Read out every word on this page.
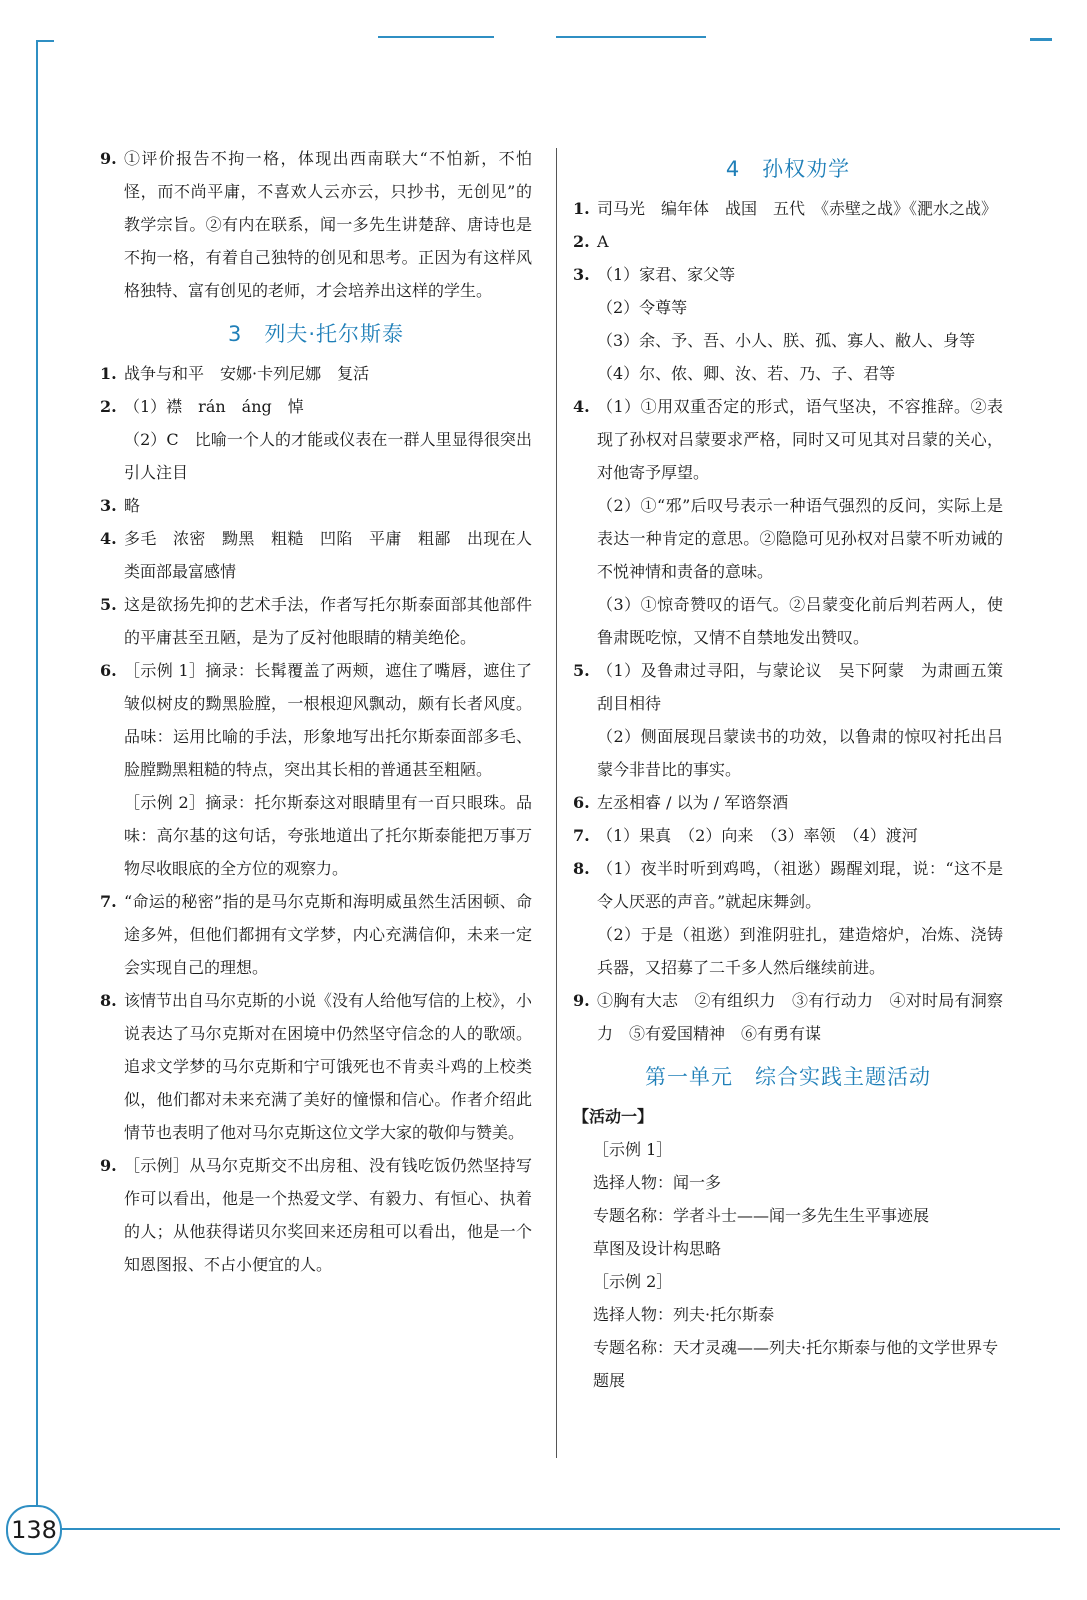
138
9. ①评价报告不拘一格，体现出西南联大“不怕新，不怕怪，而不尚平庸，不喜欢人云亦云，只抄书，无创见”的教学宗旨。②有内在联系，闻一多先生讲楚辞、唐诗也是不拘一格，有着自己独特的创见和思考。正因为有这样风格独特、富有创见的老师，才会培养出这样的学生。
3　列夫·托尔斯泰
1. 战争与和平　安娜·卡列尼娜　复活
2. （1）襟　rán　áng　悼
（2）C　比喻一个人的才能或仪表在一群人里显得很突出　引人注目
3. 略
4. 多毛　浓密　黝黑　粗糙　凹陷　平庸　粗鄙　出现在人类面部最富感情
5. 这是欲扬先抑的艺术手法，作者写托尔斯泰面部其他部件的平庸甚至丑陋，是为了反衬他眼睛的精美绝伦。
6. ［示例 1］摘录：长髯覆盖了两颊，遮住了嘴唇，遮住了皱似树皮的黝黑脸膛，一根根迎风飘动，颇有长者风度。品味：运用比喻的手法，形象地写出托尔斯泰面部多毛、脸膛黝黑粗糙的特点，突出其长相的普通甚至粗陋。
［示例 2］摘录：托尔斯泰这对眼睛里有一百只眼珠。品味：高尔基的这句话，夸张地道出了托尔斯泰能把万事万物尽收眼底的全方位的观察力。
7. “命运的秘密”指的是马尔克斯和海明威虽然生活困顿、命途多舛，但他们都拥有文学梦，内心充满信仰，未来一定会实现自己的理想。
8. 该情节出自马尔克斯的小说《没有人给他写信的上校》，小说表达了马尔克斯对在困境中仍然坚守信念的人的歌颂。追求文学梦的马尔克斯和宁可饿死也不肯卖斗鸡的上校类似，他们都对未来充满了美好的憧憬和信心。作者介绍此情节也表明了他对马尔克斯这位文学大家的敬仰与赞美。
9. ［示例］从马尔克斯交不出房租、没有钱吃饭仍然坚持写作可以看出，他是一个热爱文学、有毅力、有恒心、执着的人；从他获得诺贝尔奖回来还房租可以看出，他是一个知恩图报、不占小便宜的人。
4　孙权劝学
1. 司马光　编年体　战国　五代　《赤壁之战》《淝水之战》
2. A
3. （1）家君、家父等
（2）令尊等
（3）余、予、吾、小人、朕、孤、寡人、敝人、身等
（4）尔、侬、卿、汝、若、乃、子、君等
4. （1）①用双重否定的形式，语气坚决，不容推辞。②表现了孙权对吕蒙要求严格，同时又可见其对吕蒙的关心，对他寄予厚望。
（2）①“邪”后叹号表示一种语气强烈的反问，实际上是表达一种肯定的意思。②隐隐可见孙权对吕蒙不听劝诫的不悦神情和责备的意味。
（3）①惊奇赞叹的语气。②吕蒙变化前后判若两人，使鲁肃既吃惊，又情不自禁地发出赞叹。
5. （1）及鲁肃过寻阳，与蒙论议　吴下阿蒙　为肃画五策　刮目相待
（2）侧面展现吕蒙读书的功效，以鲁肃的惊叹衬托出吕蒙今非昔比的事实。
6. 左丞相睿 / 以为 / 军谘祭酒
7. （1）果真　（2）向来　（3）率领　（4）渡河
8. （1）夜半时听到鸡鸣，（祖逖）踢醒刘琨，说：“这不是令人厌恶的声音。”就起床舞剑。
（2）于是（祖逖）到淮阴驻扎，建造熔炉，冶炼、浇铸兵器，又招募了二千多人然后继续前进。
9. ①胸有大志　②有组织力　③有行动力　④对时局有洞察力　⑤有爱国精神　⑥有勇有谋
第一单元　综合实践主题活动
【活动一】
［示例 1］
选择人物：闻一多
专题名称：学者斗士——闻一多先生生平事迹展
草图及设计构思略
［示例 2］
选择人物：列夫·托尔斯泰
专题名称：天才灵魂——列夫·托尔斯泰与他的文学世界专题展
